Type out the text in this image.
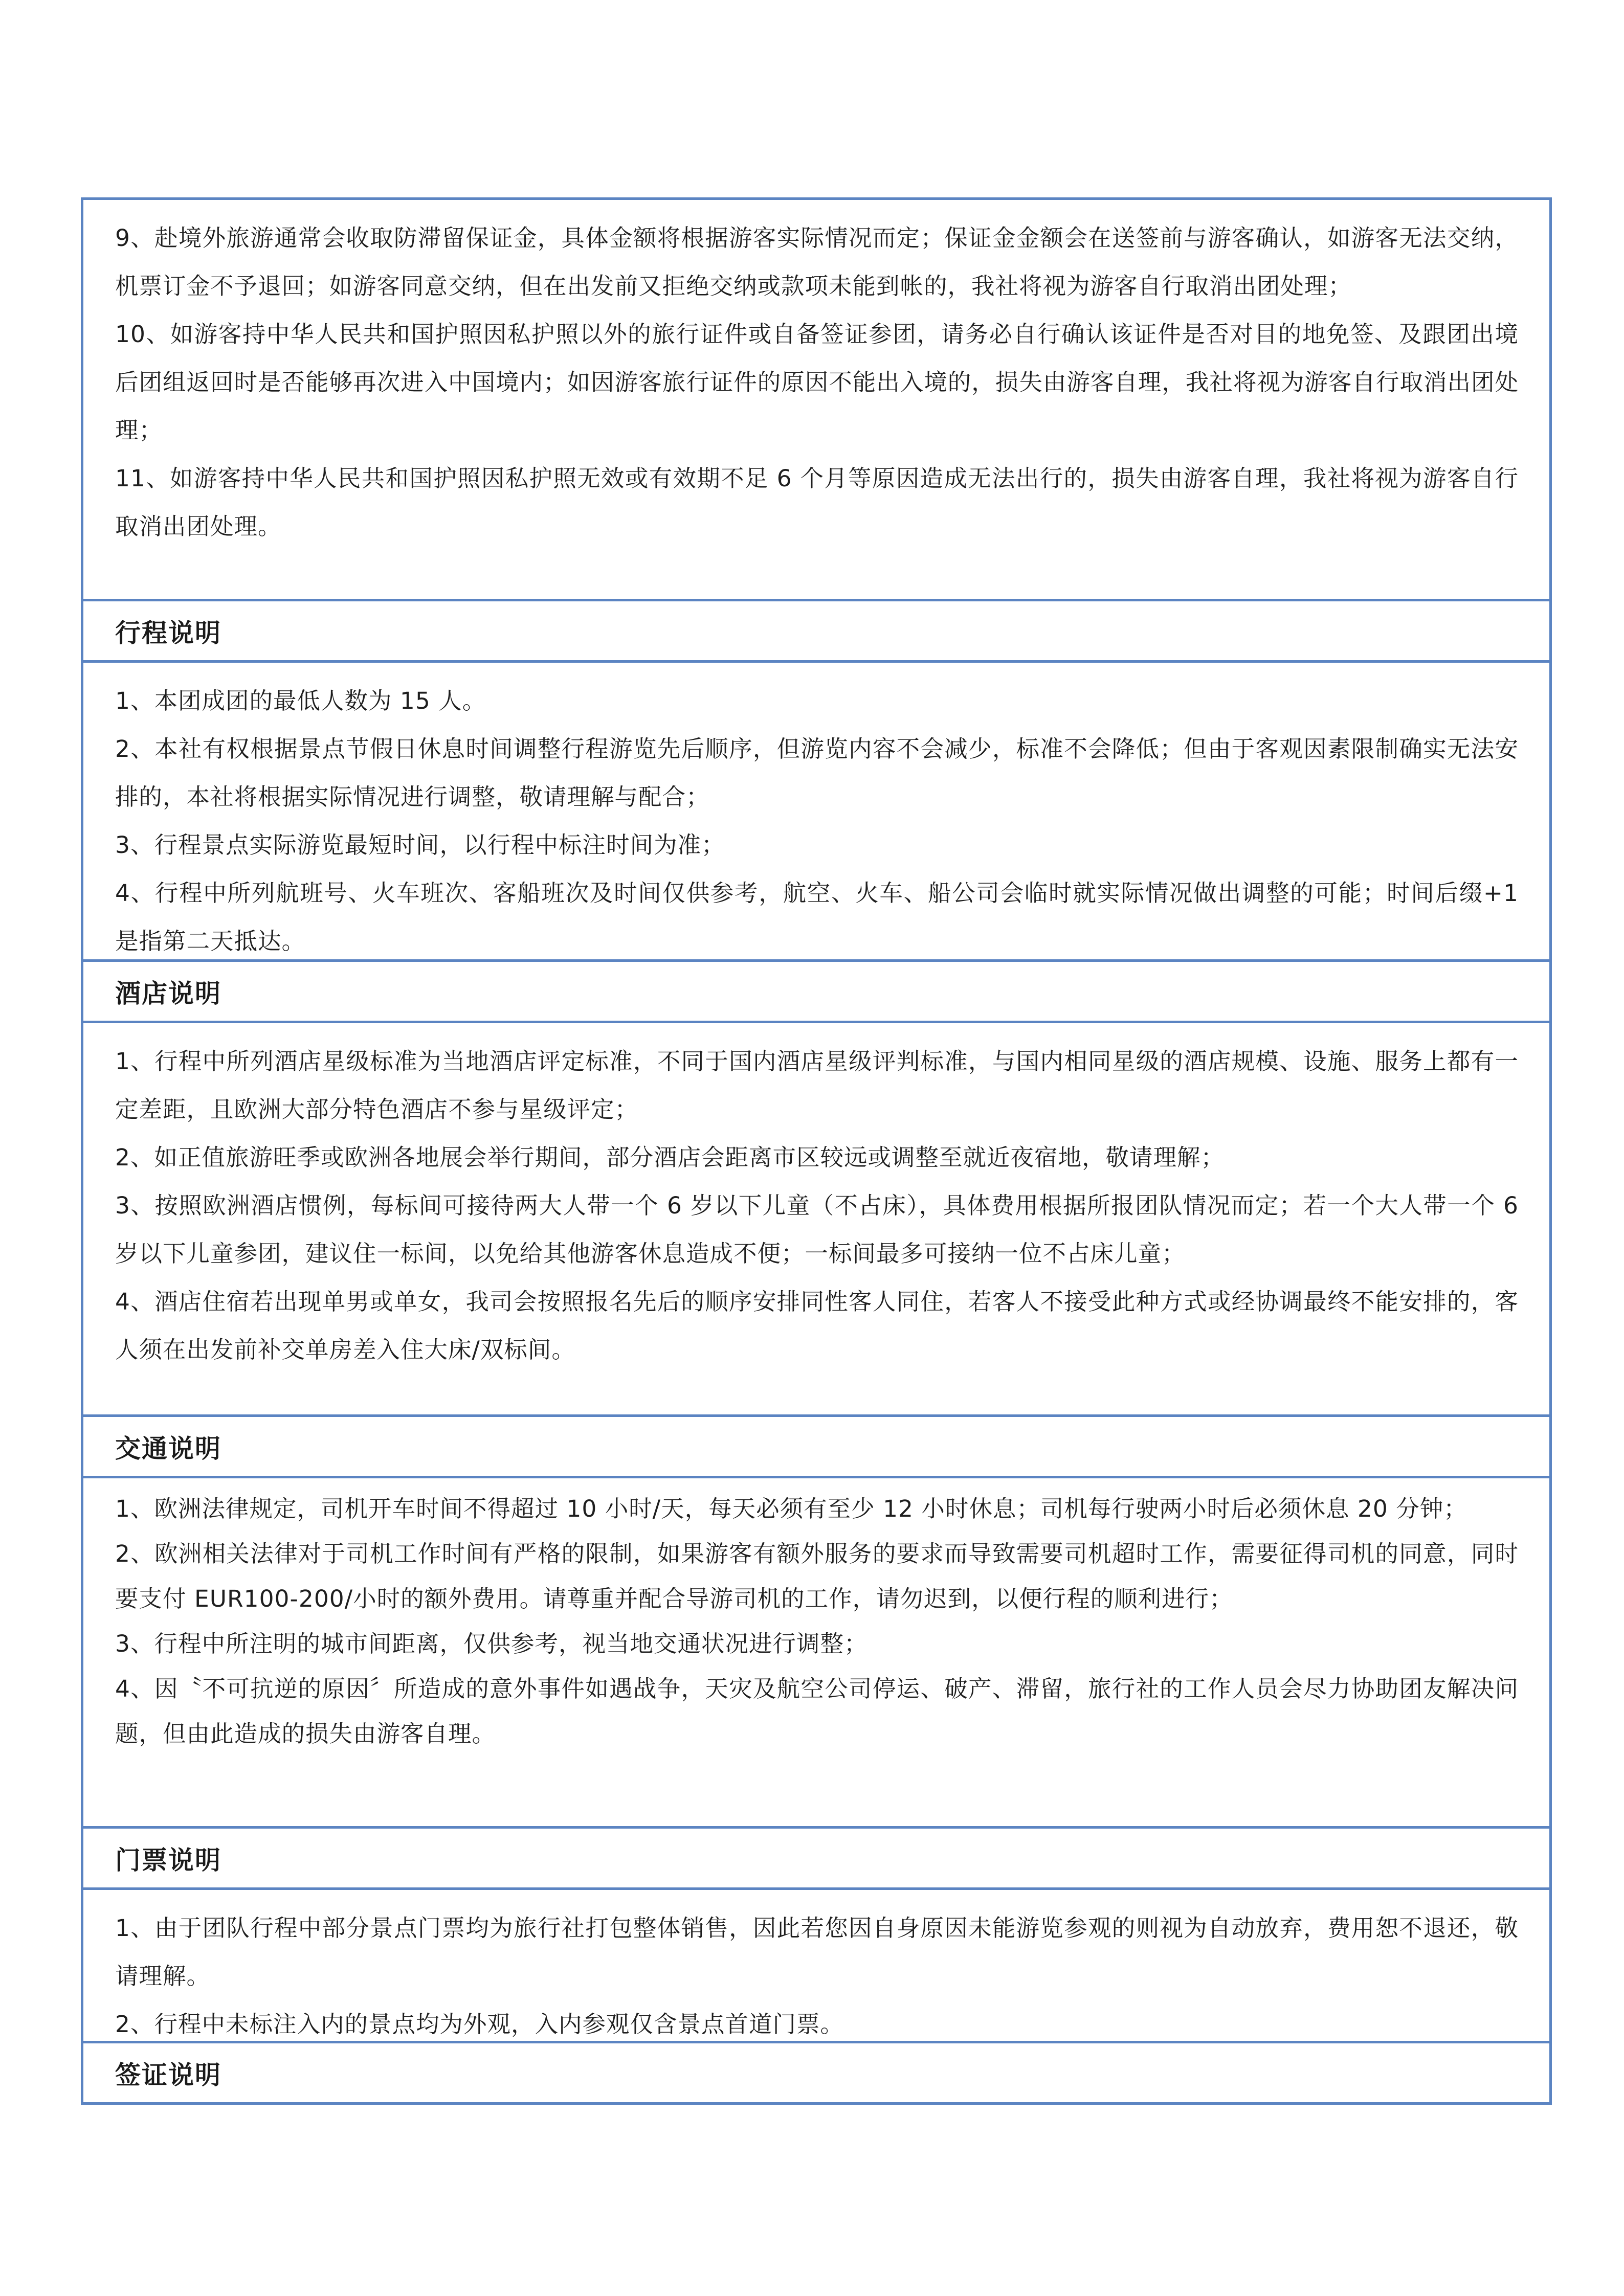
9、赴境外旅游通常会收取防滞留保证金，具体金额将根据游客实际情况而定；保证金金额会在送签前与游客确认，如游客无法交纳，机票订金不予退回；如游客同意交纳，但在出发前又拒绝交纳或款项未能到帐的，我社将视为游客自行取消出团处理；

10、如游客持中华人民共和国护照因私护照以外的旅行证件或自备签证参团，请务必自行确认该证件是否对目的地免签、及跟团出境后团组返回时是否能够再次进入中国境内；如因游客旅行证件的原因不能出入境的，损失由游客自理，我社将视为游客自行取消出团处理；

11、如游客持中华人民共和国护照因私护照无效或有效期不足 6 个月等原因造成无法出行的，损失由游客自理，我社将视为游客自行取消出团处理。

行程说明

1、本团成团的最低人数为 15 人。

2、本社有权根据景点节假日休息时间调整行程游览先后顺序，但游览内容不会减少，标准不会降低；但由于客观因素限制确实无法安排的，本社将根据实际情况进行调整，敬请理解与配合；

3、行程景点实际游览最短时间，以行程中标注时间为准；

4、行程中所列航班号、火车班次、客船班次及时间仅供参考，航空、火车、船公司会临时就实际情况做出调整的可能；时间后缀+1 是指第二天抵达。

酒店说明

1、行程中所列酒店星级标准为当地酒店评定标准，不同于国内酒店星级评判标准，与国内相同星级的酒店规模、设施、服务上都有一定差距，且欧洲大部分特色酒店不参与星级评定；

2、如正值旅游旺季或欧洲各地展会举行期间，部分酒店会距离市区较远或调整至就近夜宿地，敬请理解；

3、按照欧洲酒店惯例，每标间可接待两大人带一个 6 岁以下儿童（不占床），具体费用根据所报团队情况而定；若一个大人带一个 6 岁以下儿童参团，建议住一标间，以免给其他游客休息造成不便；一标间最多可接纳一位不占床儿童；

4、酒店住宿若出现单男或单女，我司会按照报名先后的顺序安排同性客人同住，若客人不接受此种方式或经协调最终不能安排的，客人须在出发前补交单房差入住大床/双标间。

交通说明

1、欧洲法律规定，司机开车时间不得超过 10 小时/天，每天必须有至少 12 小时休息；司机每行驶两小时后必须休息 20 分钟；

2、欧洲相关法律对于司机工作时间有严格的限制，如果游客有额外服务的要求而导致需要司机超时工作，需要征得司机的同意，同时要支付 EUR100-200/小时的额外费用。请尊重并配合导游司机的工作，请勿迟到，以便行程的顺利进行；

3、行程中所注明的城市间距离，仅供参考，视当地交通状况进行调整；

4、因〝不可抗逆的原因〞所造成的意外事件如遇战争，天灾及航空公司停运、破产、滞留，旅行社的工作人员会尽力协助团友解决问题，但由此造成的损失由游客自理。

门票说明

1、由于团队行程中部分景点门票均为旅行社打包整体销售，因此若您因自身原因未能游览参观的则视为自动放弃，费用恕不退还，敬请理解。

2、行程中未标注入内的景点均为外观，入内参观仅含景点首道门票。

签证说明
